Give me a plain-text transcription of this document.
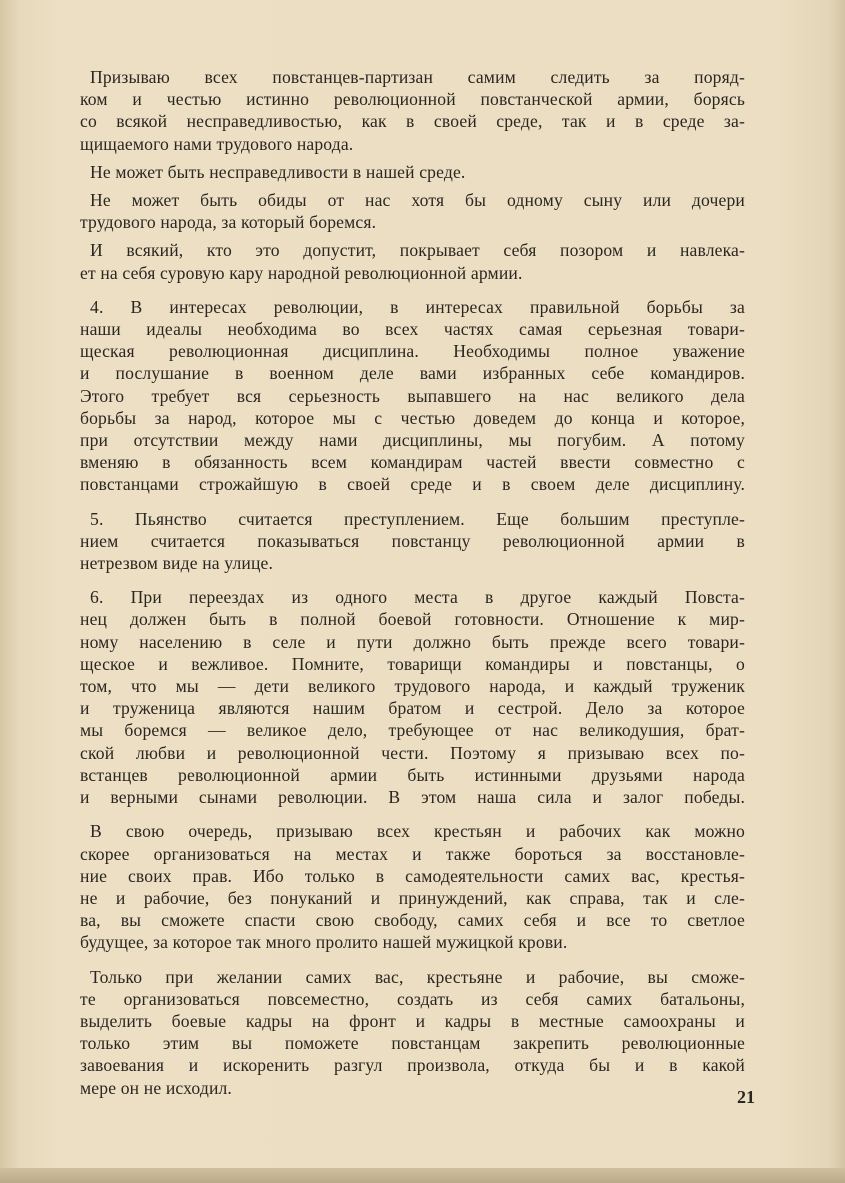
Призываю всех повстанцев-партизан самим следить за поряд-
ком и честью истинно революционной повстанческой армии, борясь
со всякой несправедливостью, как в своей среде, так и в среде за-
щищаемого нами трудового народа.
Не может быть несправедливости в нашей среде.
Не может быть обиды от нас хотя бы одному сыну или дочери
трудового народа, за который боремся.
И всякий, кто это допустит, покрывает себя позором и навлека-
ет на себя суровую кару народной революционной армии.
4. В интересах революции, в интересах правильной борьбы за
наши идеалы необходима во всех частях самая серьезная товари-
щеская революционная дисциплина. Необходимы полное уважение
и послушание в военном деле вами избранных себе командиров.
Этого требует вся серьезность выпавшего на нас великого дела
борьбы за народ, которое мы с честью доведем до конца и которое,
при отсутствии между нами дисциплины, мы погубим. А потому
вменяю в обязанность всем командирам частей ввести совместно с
повстанцами строжайшую в своей среде и в своем деле дисциплину.
5. Пьянство считается преступлением. Еще большим преступле-
нием считается показываться повстанцу революционной армии в
нетрезвом виде на улице.
6. При переездах из одного места в другое каждый Повста-
нец должен быть в полной боевой готовности. Отношение к мир-
ному населению в селе и пути должно быть прежде всего товари-
щеское и вежливое. Помните, товарищи командиры и повстанцы, о
том, что мы — дети великого трудового народа, и каждый труженик
и труженица являются нашим братом и сестрой. Дело за которое
мы боремся — великое дело, требующее от нас великодушия, брат-
ской любви и революционной чести. Поэтому я призываю всех по-
встанцев революционной армии быть истинными друзьями народа
и верными сынами революции. В этом наша сила и залог победы.
В свою очередь, призываю всех крестьян и рабочих как можно
скорее организоваться на местах и также бороться за восстановле-
ние своих прав. Ибо только в самодеятельности самих вас, крестья-
не и рабочие, без понуканий и принуждений, как справа, так и сле-
ва, вы сможете спасти свою свободу, самих себя и все то светлое
будущее, за которое так много пролито нашей мужицкой крови.
Только при желании самих вас, крестьяне и рабочие, вы сможе-
те организоваться повсеместно, создать из себя самих батальоны,
выделить боевые кадры на фронт и кадры в местные самоохраны и
только этим вы поможете повстанцам закрепить революционные
завоевания и искоренить разгул произвола, откуда бы и в какой
мере он не исходил.	21
